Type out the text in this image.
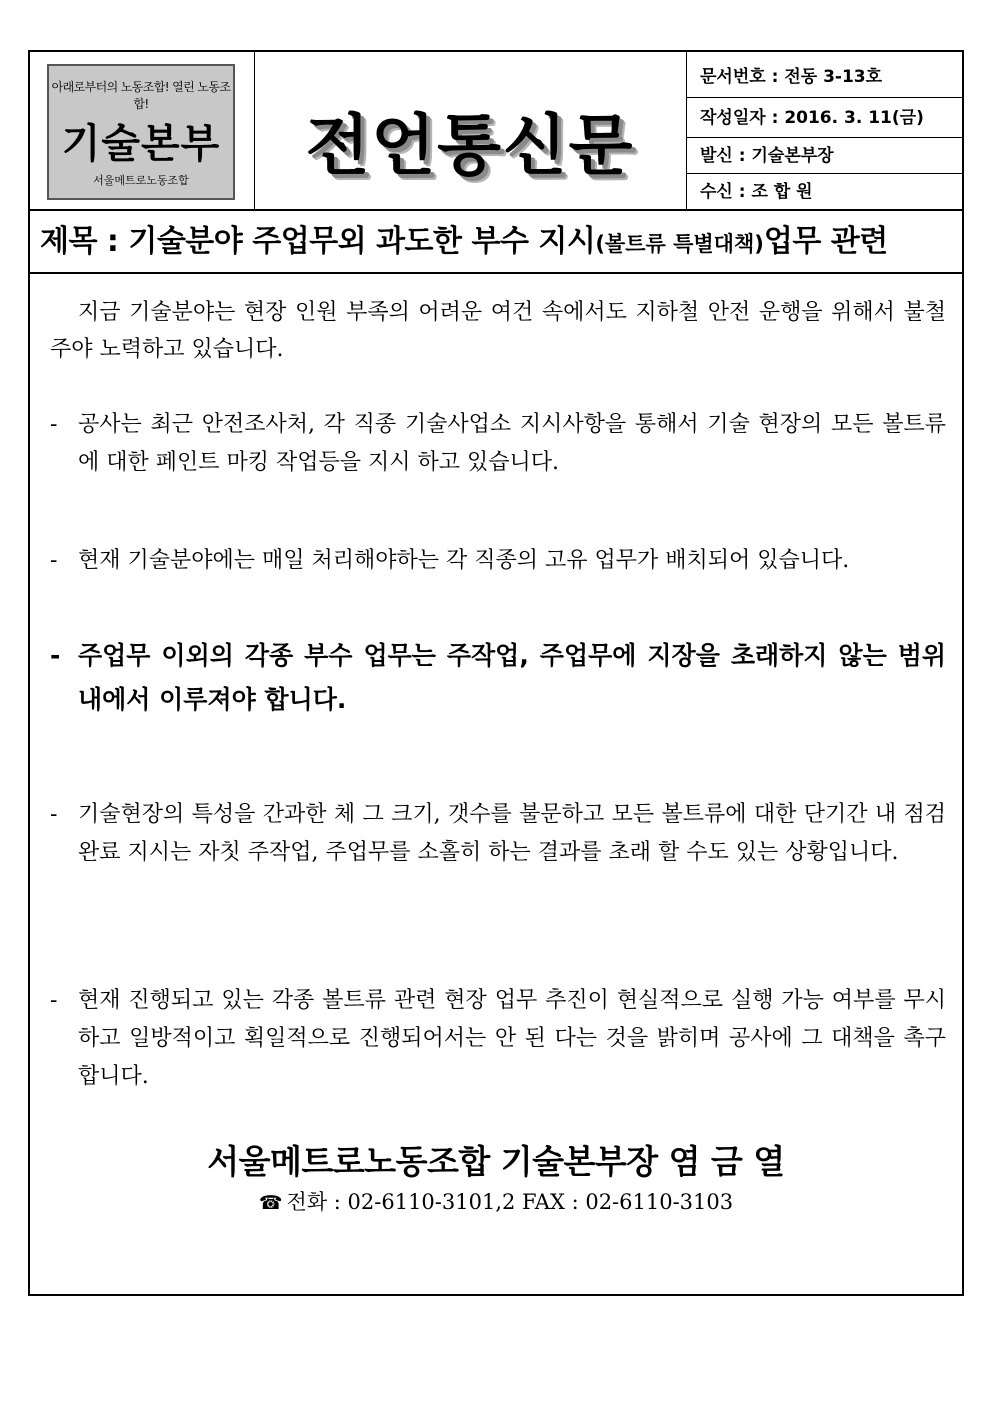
아래로부터의 노동조합! 열린 노동조합!
기술본부
서울메트로노동조합	전언통신문
문서번호 : 전동 3-13호
작성일자 : 2016. 3. 11(금)
발신 : 기술본부장
수신 : 조 합 원
제목 : 기술분야 주업무외 과도한 부수 지시(볼트류 특별대책)업무 관련
지금 기술분야는 현장 인원 부족의 어려운 여건 속에서도 지하철 안전 운행을 위해서 불철주야 노력하고 있습니다.
- 공사는 최근 안전조사처, 각 직종 기술사업소 지시사항을 통해서 기술 현장의 모든 볼트류에 대한 페인트 마킹 작업등을 지시 하고 있습니다.
- 현재 기술분야에는 매일 처리해야하는 각 직종의 고유 업무가 배치되어 있습니다.
- 주업무 이외의 각종 부수 업무는 주작업, 주업무에 지장을 초래하지 않는 범위내에서 이루져야 합니다.
- 기술현장의 특성을 간과한 체 그 크기, 갯수를 불문하고 모든 볼트류에 대한 단기간 내 점검 완료 지시는 자칫 주작업, 주업무를 소홀히 하는 결과를 초래 할 수도 있는 상황입니다.
- 현재 진행되고 있는 각종 볼트류 관련 현장 업무 추진이 현실적으로 실행 가능 여부를 무시하고 일방적이고 획일적으로 진행되어서는 안 된 다는 것을 밝히며 공사에 그 대책을 촉구합니다.
서울메트로노동조합 기술본부장 염 금 열
☎ 전화 : 02-6110-3101,2 FAX : 02-6110-3103
